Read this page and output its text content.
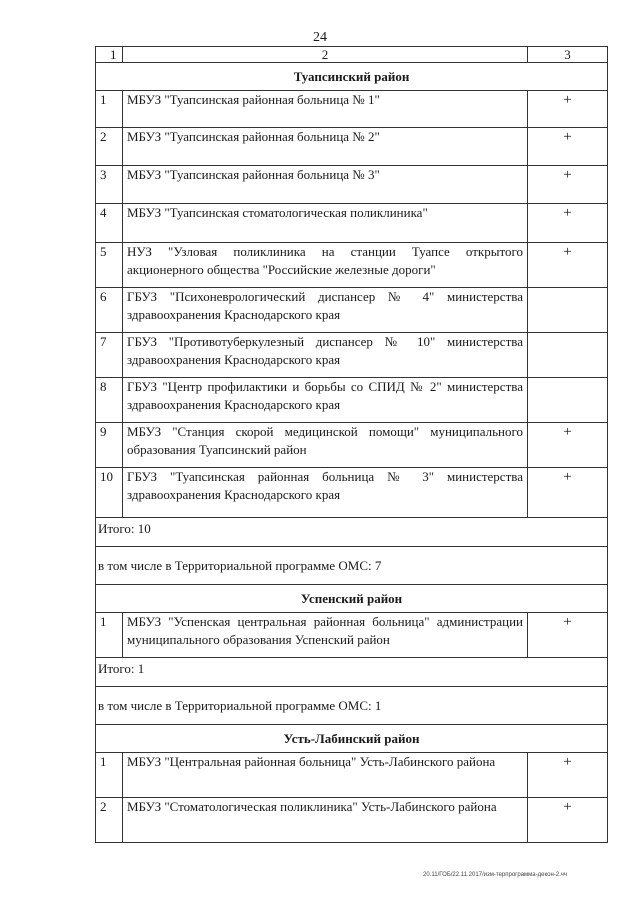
24
1	2	3
Туапсинский район		
1	МБУЗ "Туапсинская районная больница № 1"	+
2	МБУЗ "Туапсинская районная больница № 2"	+
3	МБУЗ "Туапсинская районная больница № 3"	+
4	МБУЗ "Туапсинская стоматологическая поликлиника"	+
5	НУЗ "Узловая поликлиника на станции Туапсе открытого акционерного общества "Российские железные дороги"	+
6	ГБУЗ "Психоневрологический диспансер № 4" министерства здравоохранения Краснодарского края	
7	ГБУЗ "Противотуберкулезный диспансер № 10" министерства здравоохранения Краснодарского края	
8	ГБУЗ "Центр профилактики и борьбы со СПИД № 2" министерства здравоохранения Краснодарского края	
9	МБУЗ "Станция скорой медицинской помощи" муниципального образования Туапсинский район	+
10	ГБУЗ "Туапсинская районная больница № 3" министерства здравоохранения Краснодарского края	+
Итого: 10		
в том числе в Территориальной программе ОМС: 7		
Успенский район		
1	МБУЗ "Успенская центральная районная больница" администрации муниципального образования Успенский район	+
Итого: 1		
в том числе в Территориальной программе ОМС: 1		
Усть-Лабинский район		
1	МБУЗ "Центральная районная больница" Усть-Лабинского района	+
2	МБУЗ "Стоматологическая поликлиника" Усть-Лабинского района	+
20.11/ГОБ/22.11.2017/изм-терпрограмма-декон-2.чч
